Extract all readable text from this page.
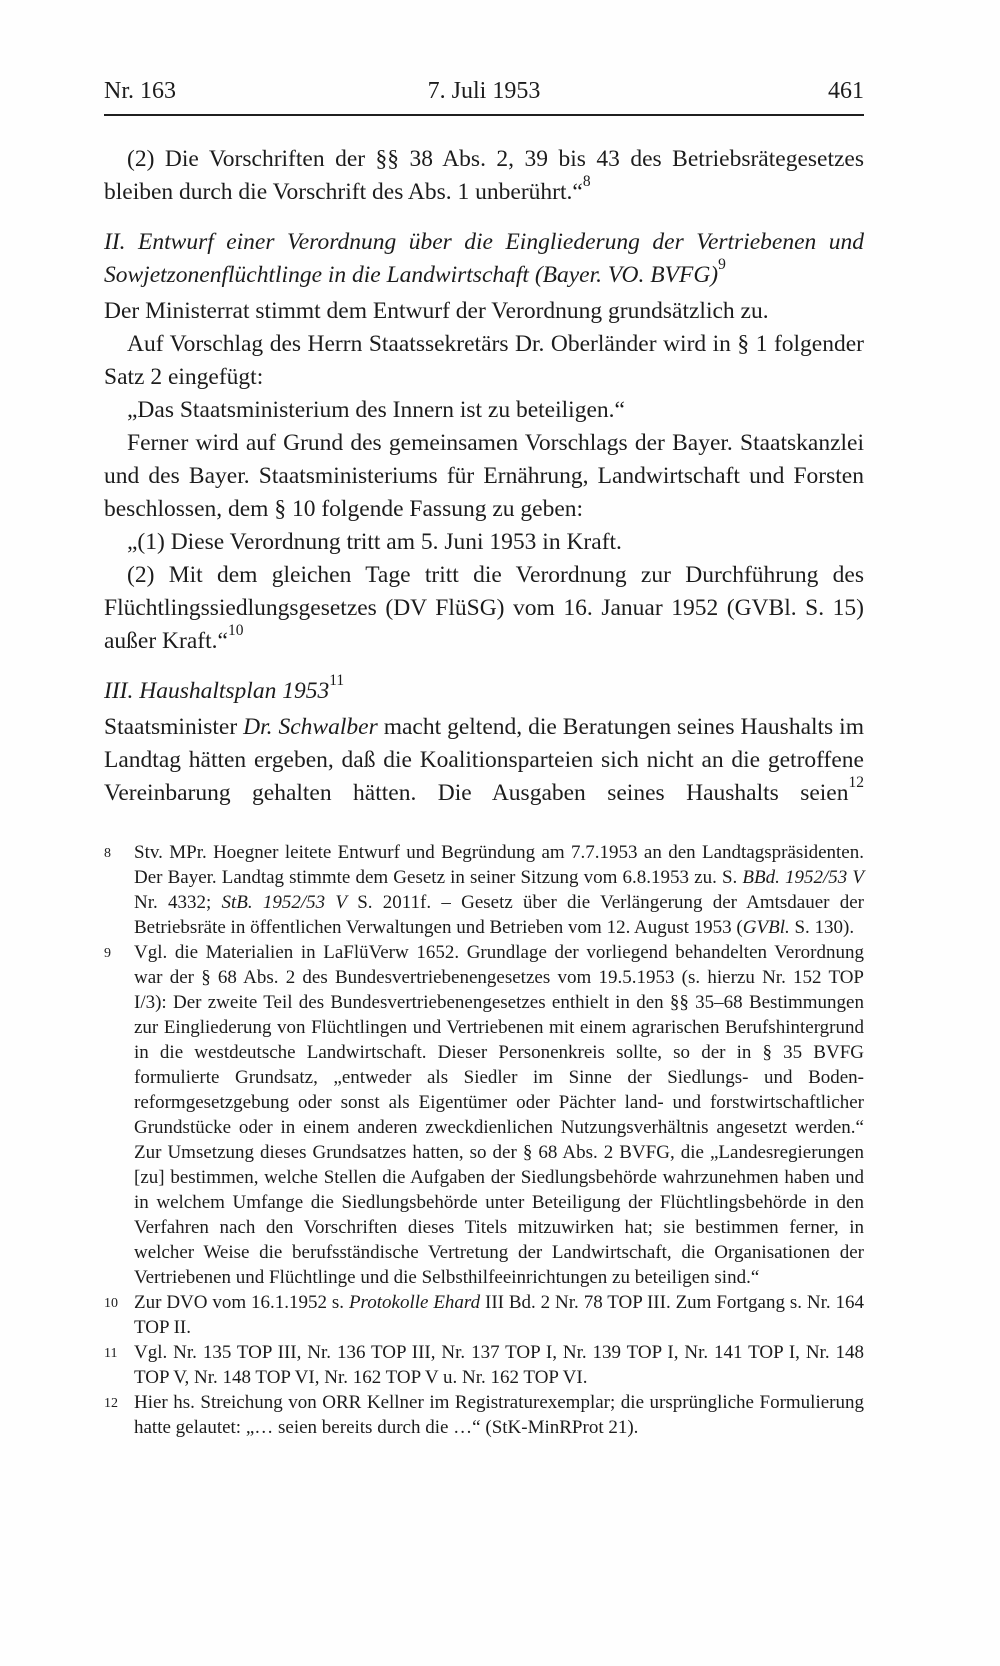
Nr. 163	7. Juli 1953	461

(2) Die Vorschriften der §§ 38 Abs. 2, 39 bis 43 des Betriebsrätegesetzes bleiben durch die Vorschrift des Abs. 1 unberührt.“$^8$

II. Entwurf einer Verordnung über die Eingliederung der Vertriebenen und Sowjetzonenflüchtlinge in die Landwirtschaft (Bayer. VO. BVFG)$^9$

Der Ministerrat stimmt dem Entwurf der Verordnung grundsätzlich zu.

Auf Vorschlag des Herrn Staatssekretärs Dr. Oberländer wird in § 1 folgender Satz 2 eingefügt:

„Das Staatsministerium des Innern ist zu beteiligen.“

Ferner wird auf Grund des gemeinsamen Vorschlags der Bayer. Staatskanzlei und des Bayer. Staatsministeriums für Ernährung, Landwirtschaft und Forsten beschlossen, dem § 10 folgende Fassung zu geben:

„(1) Diese Verordnung tritt am 5. Juni 1953 in Kraft.

(2) Mit dem gleichen Tage tritt die Verordnung zur Durchführung des Flüchtlingssiedlungsgesetzes (DV FlüSG) vom 16. Januar 1952 (GVBl. S. 15) außer Kraft.“$^{10}$

III. Haushaltsplan 1953$^{11}$

Staatsminister Dr. Schwalber macht geltend, die Beratungen seines Haushalts im Landtag hätten ergeben, daß die Koalitionsparteien sich nicht an die getroffene Vereinbarung gehalten hätten. Die Ausgaben seines Haushalts seien$^{12}$

8	Stv. MPr. Hoegner leitete Entwurf und Begründung am 7.7.1953 an den Landtagspräsidenten. Der Bayer. Landtag stimmte dem Gesetz in seiner Sitzung vom 6.8.1953 zu. S. BBd. 1952/53 V Nr. 4332; StB. 1952/53 V S. 2011f. – Gesetz über die Verlängerung der Amtsdauer der Betriebsräte in öffentlichen Verwaltungen und Betrieben vom 12. August 1953 (GVBl. S. 130).
9	Vgl. die Materialien in LaFlüVerw 1652. Grundlage der vorliegend behandelten Verordnung war der § 68 Abs. 2 des Bundesvertriebenengesetzes vom 19.5.1953 (s. hierzu Nr. 152 TOP I/3): Der zweite Teil des Bundesvertriebenengesetzes enthielt in den §§ 35–68 Bestimmungen zur Eingliederung von Flüchtlingen und Vertriebenen mit einem agrarischen Berufshintergrund in die westdeutsche Landwirtschaft. Dieser Personenkreis sollte, so der in § 35 BVFG formulierte Grundsatz, „entweder als Siedler im Sinne der Siedlungs- und Bodenreformgesetzgebung oder sonst als Eigentümer oder Pächter land- und forstwirtschaftlicher Grundstücke oder in einem anderen zweckdienlichen Nutzungsverhältnis angesetzt werden.“ Zur Umsetzung dieses Grundsatzes hatten, so der § 68 Abs. 2 BVFG, die „Landesregierungen [zu] bestimmen, welche Stellen die Aufgaben der Siedlungsbehörde wahrzunehmen haben und in welchem Umfange die Siedlungsbehörde unter Beteiligung der Flüchtlingsbehörde in den Verfahren nach den Vorschriften dieses Titels mitzuwirken hat; sie bestimmen ferner, in welcher Weise die berufsständische Vertretung der Landwirtschaft, die Organisationen der Vertriebenen und Flüchtlinge und die Selbsthilfeeinrichtungen zu beteiligen sind.“
10 Zur DVO vom 16.1.1952 s. Protokolle Ehard III Bd. 2 Nr. 78 TOP III. Zum Fortgang s. Nr. 164 TOP II.
11 Vgl. Nr. 135 TOP III, Nr. 136 TOP III, Nr. 137 TOP I, Nr. 139 TOP I, Nr. 141 TOP I, Nr. 148 TOP V, Nr. 148 TOP VI, Nr. 162 TOP V u. Nr. 162 TOP VI.
12 Hier hs. Streichung von ORR Kellner im Registraturexemplar; die ursprüngliche Formulierung hatte gelautet: „… seien bereits durch die …“ (StK-MinRProt 21).
